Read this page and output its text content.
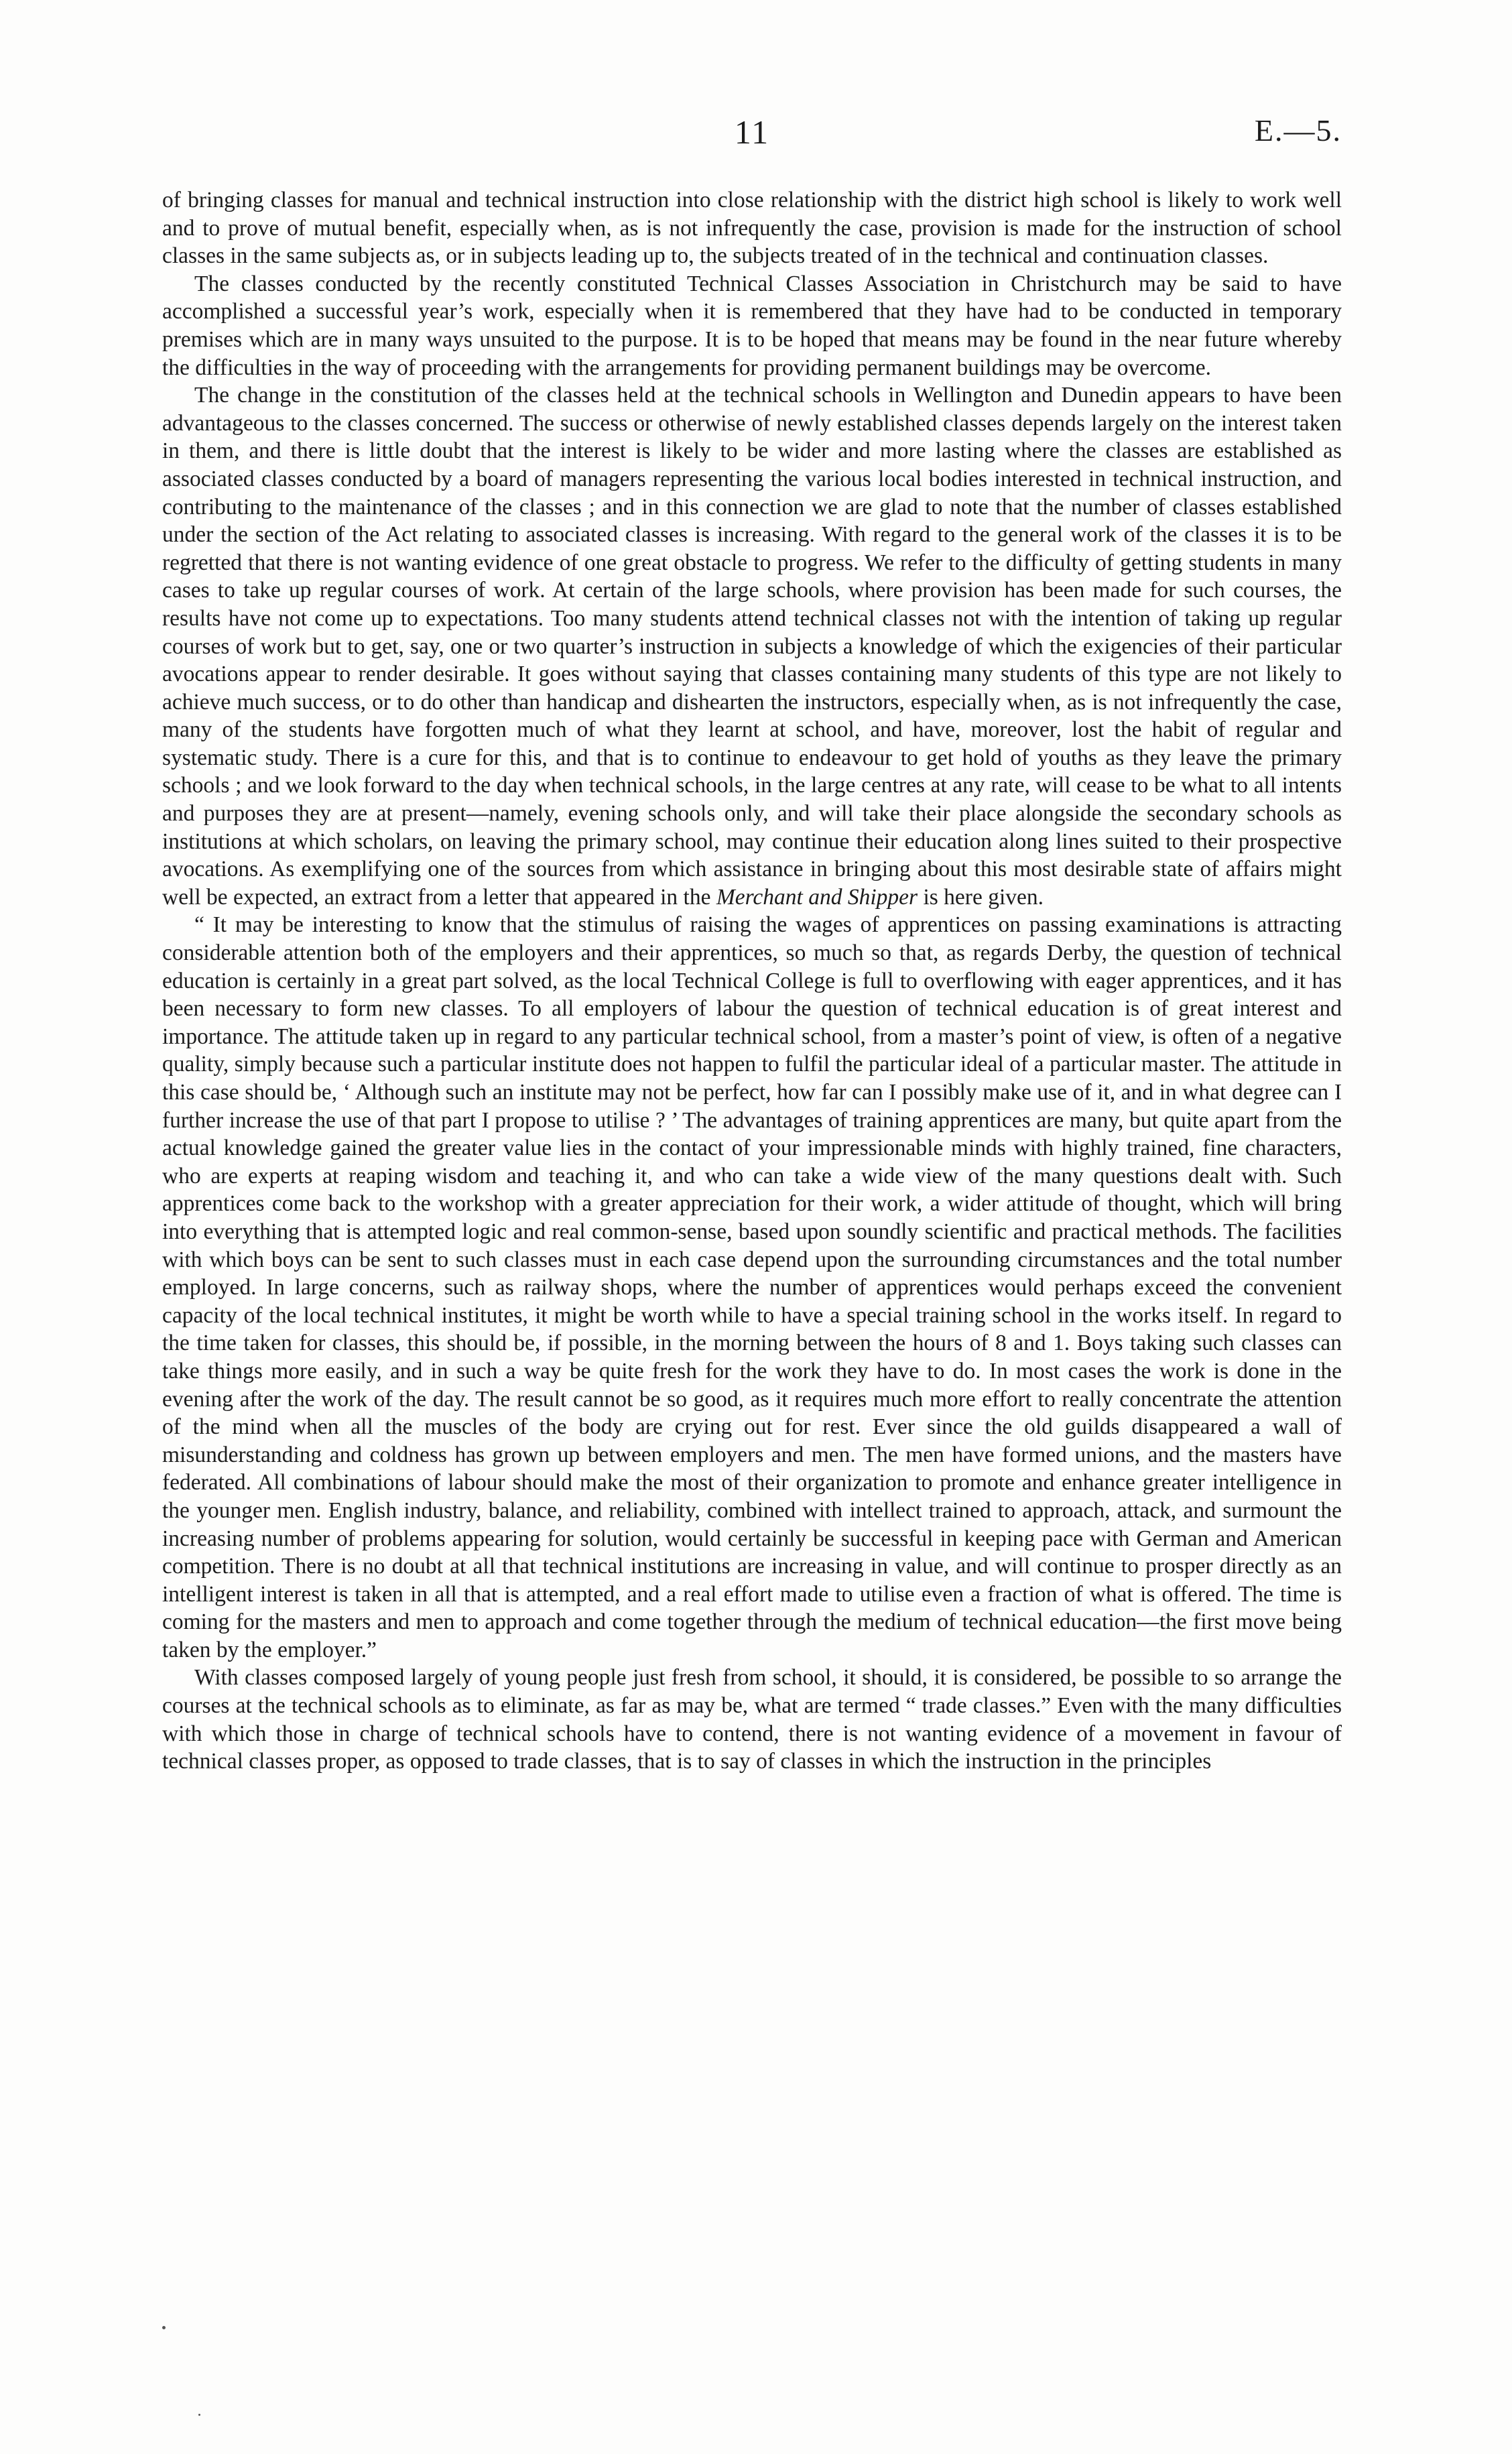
11	E.—5.

of bringing classes for manual and technical instruction into close relationship with the district high school is likely to work well and to prove of mutual benefit, especially when, as is not infrequently the case, provision is made for the instruction of school classes in the same subjects as, or in subjects leading up to, the subjects treated of in the technical and continuation classes.

The classes conducted by the recently constituted Technical Classes Association in Christchurch may be said to have accomplished a successful year’s work, especially when it is remembered that they have had to be conducted in temporary premises which are in many ways unsuited to the purpose. It is to be hoped that means may be found in the near future whereby the difficulties in the way of proceeding with the arrangements for providing permanent buildings may be overcome.

The change in the constitution of the classes held at the technical schools in Wellington and Dunedin appears to have been advantageous to the classes concerned. The success or otherwise of newly established classes depends largely on the interest taken in them, and there is little doubt that the interest is likely to be wider and more lasting where the classes are established as associated classes conducted by a board of managers representing the various local bodies interested in technical instruction, and contributing to the maintenance of the classes ; and in this connection we are glad to note that the number of classes established under the section of the Act relating to associated classes is increasing. With regard to the general work of the classes it is to be regretted that there is not wanting evidence of one great obstacle to progress. We refer to the difficulty of getting students in many cases to take up regular courses of work. At certain of the large schools, where provision has been made for such courses, the results have not come up to expectations. Too many students attend technical classes not with the intention of taking up regular courses of work but to get, say, one or two quarter’s instruction in subjects a knowledge of which the exigencies of their particular avocations appear to render desirable. It goes without saying that classes containing many students of this type are not likely to achieve much success, or to do other than handicap and dishearten the instructors, especially when, as is not infrequently the case, many of the students have forgotten much of what they learnt at school, and have, moreover, lost the habit of regular and systematic study. There is a cure for this, and that is to continue to endeavour to get hold of youths as they leave the primary schools ; and we look forward to the day when technical schools, in the large centres at any rate, will cease to be what to all intents and purposes they are at present—namely, evening schools only, and will take their place alongside the secondary schools as institutions at which scholars, on leaving the primary school, may continue their education along lines suited to their prospective avocations. As exemplifying one of the sources from which assistance in bringing about this most desirable state of affairs might well be expected, an extract from a letter that appeared in the Merchant and Shipper is here given.

“ It may be interesting to know that the stimulus of raising the wages of apprentices on passing examinations is attracting considerable attention both of the employers and their apprentices, so much so that, as regards Derby, the question of technical education is certainly in a great part solved, as the local Technical College is full to overflowing with eager apprentices, and it has been necessary to form new classes. To all employers of labour the question of technical education is of great interest and importance. The attitude taken up in regard to any particular technical school, from a master’s point of view, is often of a negative quality, simply because such a particular institute does not happen to fulfil the particular ideal of a particular master. The attitude in this case should be, ‘ Although such an institute may not be perfect, how far can I possibly make use of it, and in what degree can I further increase the use of that part I propose to utilise ? ’ The advantages of training apprentices are many, but quite apart from the actual knowledge gained the greater value lies in the contact of your impressionable minds with highly trained, fine characters, who are experts at reaping wisdom and teaching it, and who can take a wide view of the many questions dealt with. Such apprentices come back to the workshop with a greater appreciation for their work, a wider attitude of thought, which will bring into everything that is attempted logic and real common-sense, based upon soundly scientific and practical methods. The facilities with which boys can be sent to such classes must in each case depend upon the surrounding circumstances and the total number employed. In large concerns, such as railway shops, where the number of apprentices would perhaps exceed the convenient capacity of the local technical institutes, it might be worth while to have a special training school in the works itself. In regard to the time taken for classes, this should be, if possible, in the morning between the hours of 8 and 1. Boys taking such classes can take things more easily, and in such a way be quite fresh for the work they have to do. In most cases the work is done in the evening after the work of the day. The result cannot be so good, as it requires much more effort to really concentrate the attention of the mind when all the muscles of the body are crying out for rest. Ever since the old guilds disappeared a wall of misunderstanding and coldness has grown up between employers and men. The men have formed unions, and the masters have federated. All combinations of labour should make the most of their organization to promote and enhance greater intelligence in the younger men. English industry, balance, and reliability, combined with intellect trained to approach, attack, and surmount the increasing number of problems appearing for solution, would certainly be successful in keeping pace with German and American competition. There is no doubt at all that technical institutions are increasing in value, and will continue to prosper directly as an intelligent interest is taken in all that is attempted, and a real effort made to utilise even a fraction of what is offered. The time is coming for the masters and men to approach and come together through the medium of technical education—the first move being taken by the employer.”

With classes composed largely of young people just fresh from school, it should, it is considered, be possible to so arrange the courses at the technical schools as to eliminate, as far as may be, what are termed “ trade classes.” Even with the many difficulties with which those in charge of technical schools have to contend, there is not wanting evidence of a movement in favour of technical classes proper, as opposed to trade classes, that is to say of classes in which the instruction in the principles
